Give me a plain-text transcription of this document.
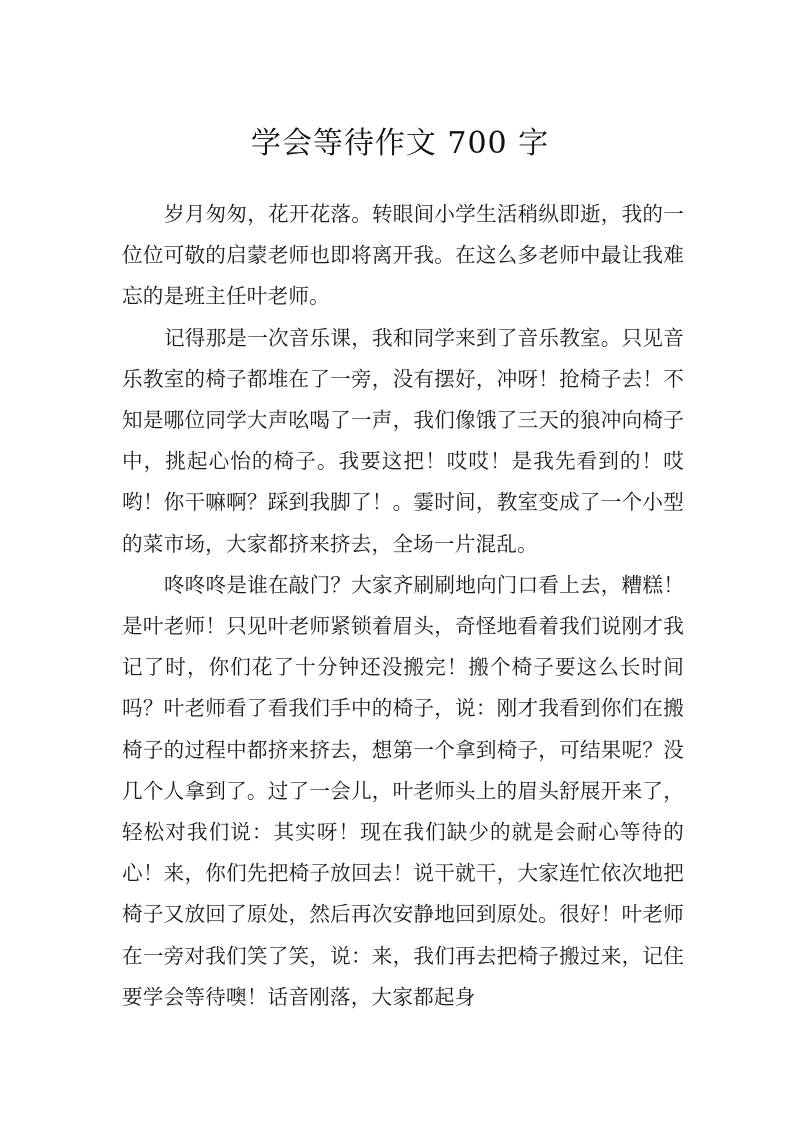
学会等待作文 700 字

岁月匆匆，花开花落。转眼间小学生活稍纵即逝，我的一位位可敬的启蒙老师也即将离开我。在这么多老师中最让我难忘的是班主任叶老师。

记得那是一次音乐课，我和同学来到了音乐教室。只见音乐教室的椅子都堆在了一旁，没有摆好，冲呀！抢椅子去！不知是哪位同学大声吆喝了一声，我们像饿了三天的狼冲向椅子中，挑起心怡的椅子。我要这把！哎哎！是我先看到的！哎哟！你干嘛啊？踩到我脚了！。霎时间，教室变成了一个小型的菜市场，大家都挤来挤去，全场一片混乱。

咚咚咚是谁在敲门？大家齐刷刷地向门口看上去，糟糕！是叶老师！只见叶老师紧锁着眉头，奇怪地看着我们说刚才我记了时，你们花了十分钟还没搬完！搬个椅子要这么长时间吗？叶老师看了看我们手中的椅子，说：刚才我看到你们在搬椅子的过程中都挤来挤去，想第一个拿到椅子，可结果呢？没几个人拿到了。过了一会儿，叶老师头上的眉头舒展开来了，轻松对我们说：其实呀！现在我们缺少的就是会耐心等待的心！来，你们先把椅子放回去！说干就干，大家连忙依次地把椅子又放回了原处，然后再次安静地回到原处。很好！叶老师在一旁对我们笑了笑，说：来，我们再去把椅子搬过来，记住要学会等待噢！话音刚落，大家都起身
